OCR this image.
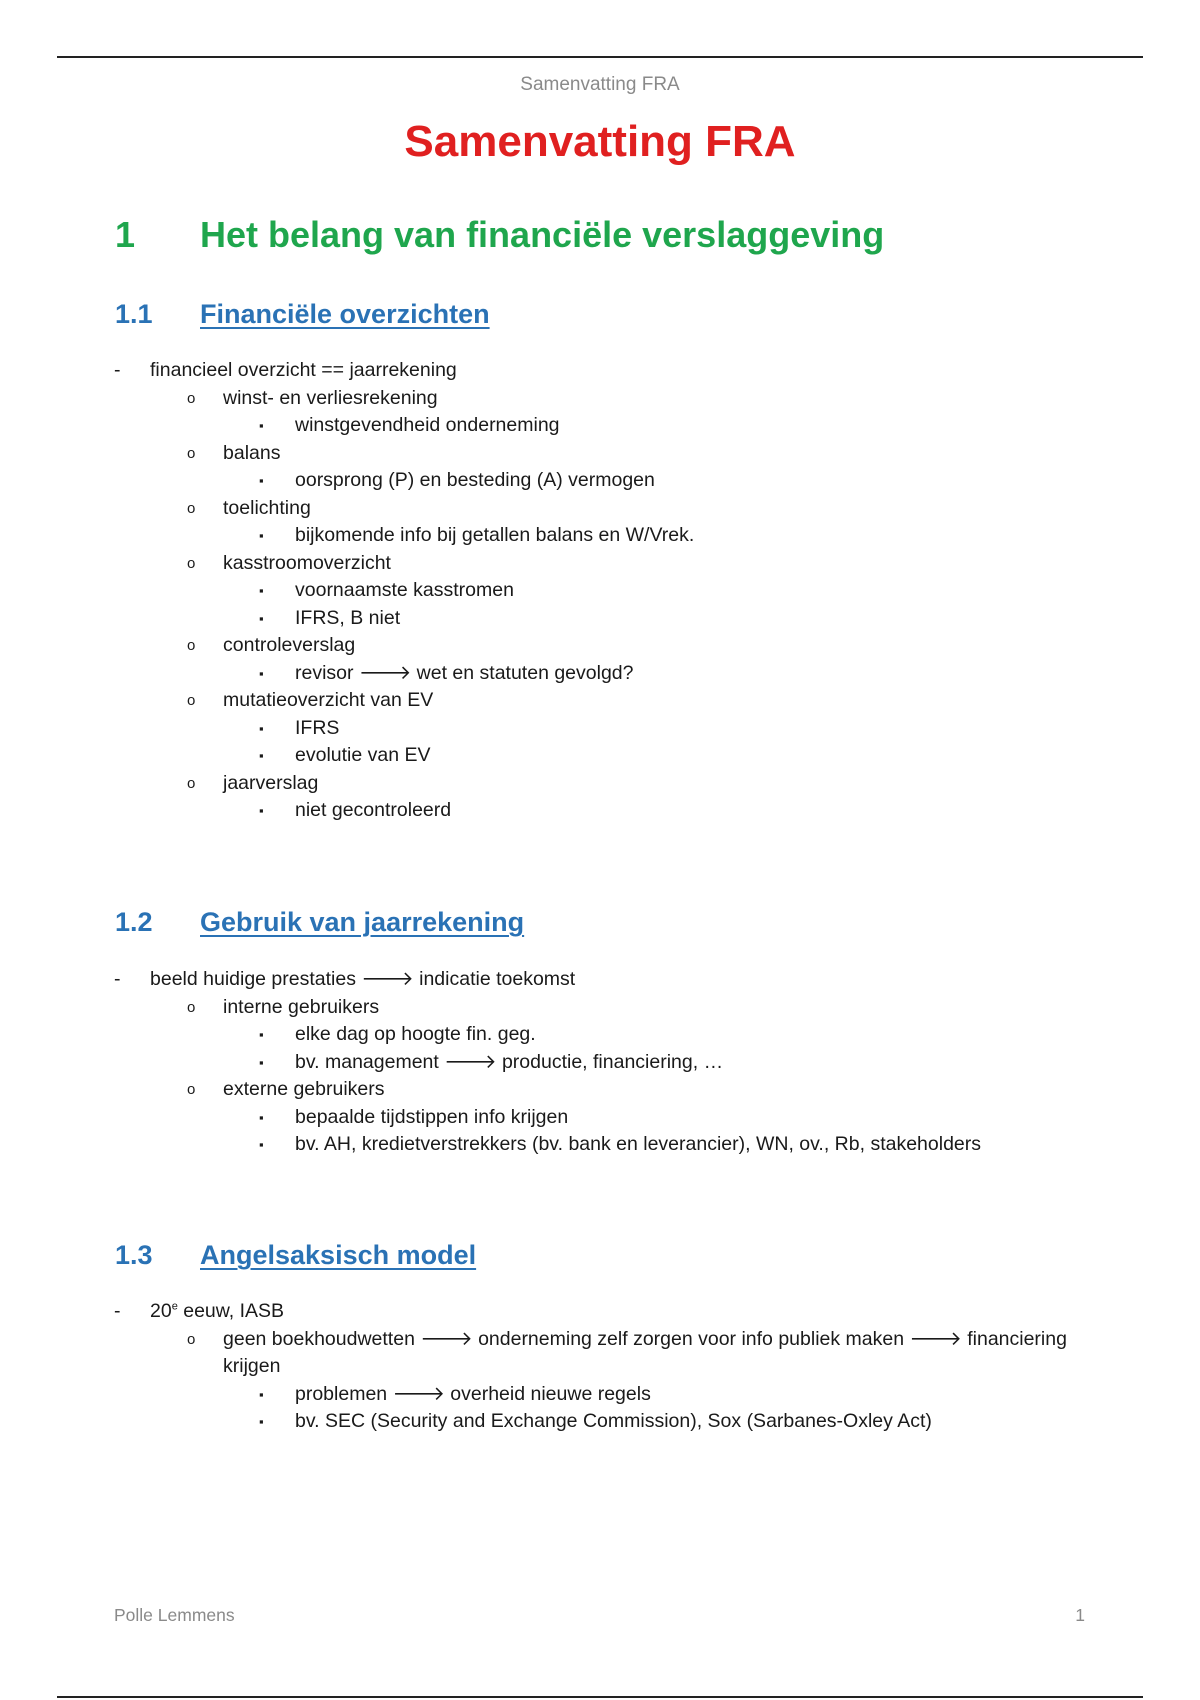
Samenvatting FRA
Samenvatting FRA
1 Het belang van financiële verslaggeving
1.1 Financiële overzichten
- financieel overzicht == jaarrekening
o winst- en verliesrekening
▪ winstgevendheid onderneming
o balans
▪ oorsprong (P) en besteding (A) vermogen
o toelichting
▪ bijkomende info bij getallen balans en W/Vrek.
o kasstroomoverzicht
▪ voornaamste kasstromen
▪ IFRS, B niet
o controleverslag
▪ revisor 🡒 wet en statuten gevolgd?
o mutatieoverzicht van EV
▪ IFRS
▪ evolutie van EV
o jaarverslag
▪ niet gecontroleerd
1.2 Gebruik van jaarrekening
- beeld huidige prestaties 🡒 indicatie toekomst
o interne gebruikers
▪ elke dag op hoogte fin. geg.
▪ bv. management 🡒 productie, financiering, …
o externe gebruikers
▪ bepaalde tijdstippen info krijgen
▪ bv. AH, kredietverstrekkers (bv. bank en leverancier), WN, ov., Rb, stakeholders
1.3 Angelsaksisch model
- 20e eeuw, IASB
o geen boekhoudwetten 🡒 onderneming zelf zorgen voor info publiek maken 🡒 financiering krijgen
▪ problemen 🡒 overheid nieuwe regels
▪ bv. SEC (Security and Exchange Commission), Sox (Sarbanes-Oxley Act)
Polle Lemmens	1
